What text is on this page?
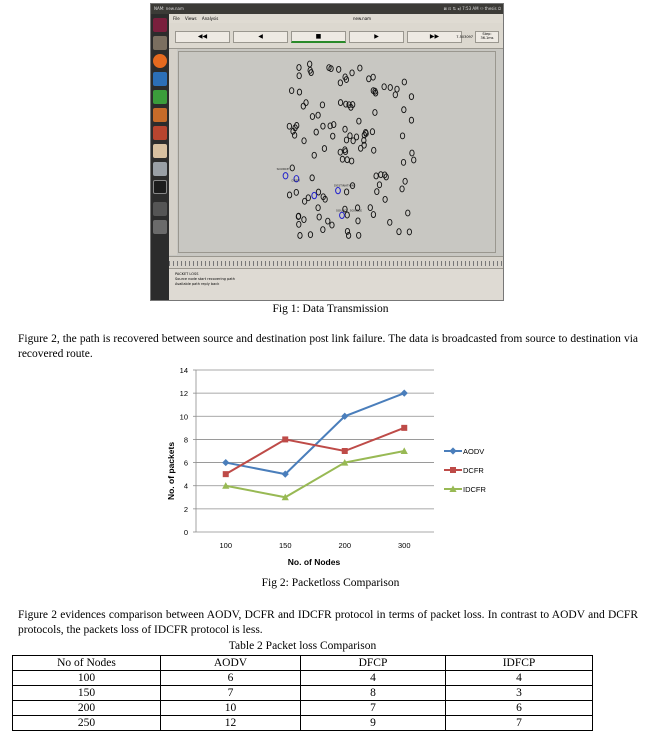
NAM: new.nam	⊠ ⊡ ⇅ ◂) 7:53 AM ⚇ thesis ⏻
File Views Analysis	new.nam
◀◀	◀	■	▶	▶▶	7.503097
Step: 36.1ms
SOURCE
DESTINATION
SOURCE_SOURCE
DESTI
PACKET LOSS
Source node start recovering path
Available path reply back
Fig 1: Data Transmission
Figure 2, the path is recovered between source and destination post link failure. The data is broadcasted from source to destination via recovered route.
0
2
4
6
8
10
12
14
100	150	200	300
AODV
DCFR
IDCFR
No. of packets
No. of Nodes
Fig 2: Packetloss Comparison
Figure 2 evidences comparison between AODV, DCFR and IDCFR protocol in terms of packet loss. In contrast to AODV and DCFR protocols, the packets loss of IDCFR protocol is less.
Table 2 Packet loss Comparison
No of Nodes	AODV	DFCP	IDFCP
100	6	4	4
150	7	8	3
200	10	7	6
250	12	9	7
